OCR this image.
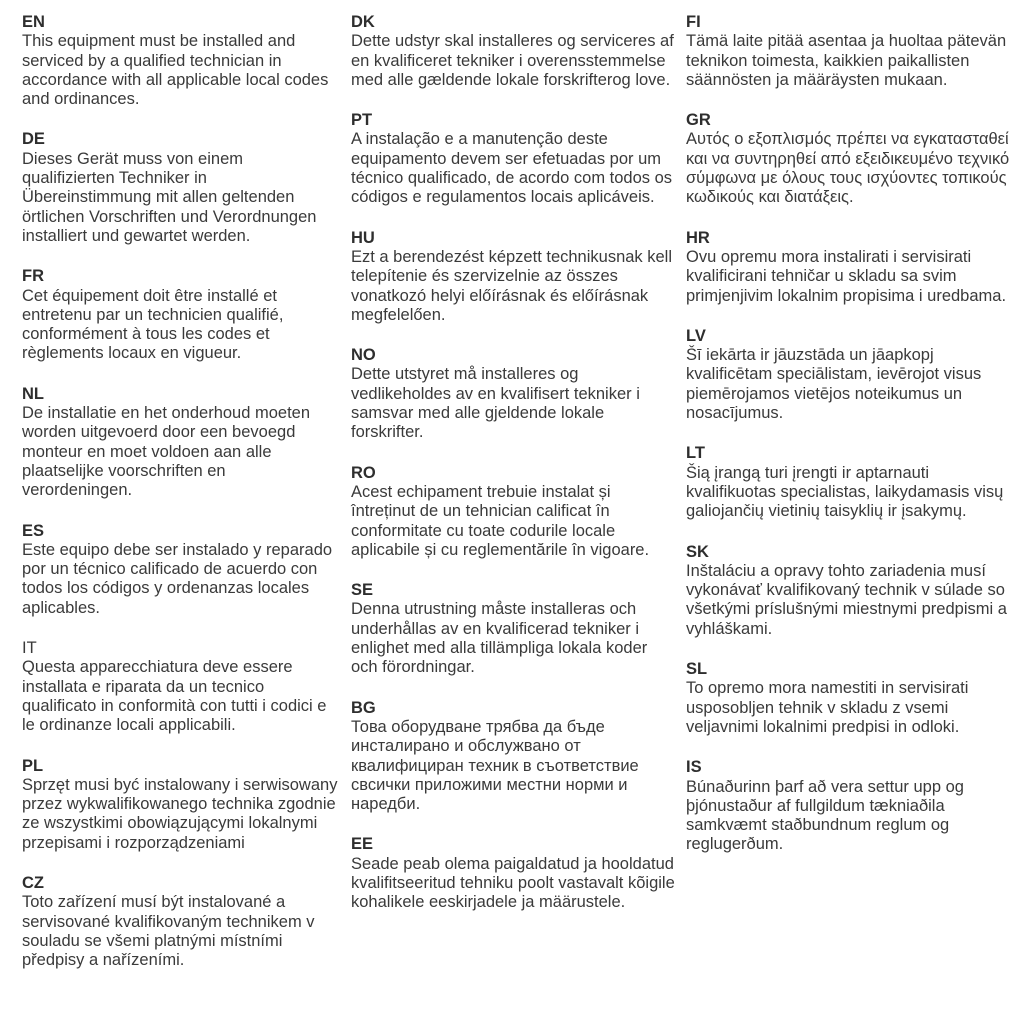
EN

This equipment must be installed and serviced by a qualified technician in accordance with all applicable local codes and ordinances.

DE

Dieses Gerät muss von einem qualifizierten Techniker in Übereinstimmung mit allen geltenden örtlichen Vorschriften und Verordnungen installiert und gewartet werden.

FR

Cet équipement doit être installé et entretenu par un technicien qualifié, conformément à tous les codes et règlements locaux en vigueur.

NL

De installatie en het onderhoud moeten worden uitgevoerd door een bevoegd monteur en moet voldoen aan alle plaatselijke voorschriften en verordeningen.

ES

Este equipo debe ser instalado y reparado por un técnico calificado de acuerdo con todos los códigos y ordenanzas locales aplicables.

IT

Questa apparecchiatura deve essere installata e riparata da un tecnico qualificato in conformità con tutti i codici e le ordinanze locali applicabili.

PL

Sprzęt musi być instalowany i serwisowany przez wykwalifikowanego technika zgodnie ze wszystkimi obowiązującymi lokalnymi przepisami i rozporządzeniami

CZ

Toto zařízení musí být instalované a servisované kvalifikovaným technikem v souladu se všemi platnými místními předpisy a nařízeními.

DK

Dette udstyr skal installeres og serviceres af en kvalificeret tekniker i overensstemmelse med alle gældende lokale forskrifterog love.

PT

A instalação e a manutenção deste equipamento devem ser efetuadas por um técnico qualificado, de acordo com todos os códigos e regulamentos locais aplicáveis.

HU

Ezt a berendezést képzett technikusnak kell telepítenie és szervizelnie az összes vonatkozó helyi előírásnak és előírásnak megfelelően.

NO

Dette utstyret må installeres og vedlikeholdes av en kvalifisert tekniker i samsvar med alle gjeldende lokale forskrifter.

RO

Acest echipament trebuie instalat și întreținut de un tehnician calificat în conformitate cu toate codurile locale aplicabile și cu reglementările în vigoare.

SE

Denna utrustning måste installeras och underhållas av en kvalificerad tekniker i enlighet med alla tillämpliga lokala koder och förordningar.

BG

Това оборудване трябва да бъде инсталирано и обслужвано от квалифициран техник в съответствие свсички приложими местни норми и наредби.

EE

Seade peab olema paigaldatud ja hooldatud kvalifitseeritud tehniku poolt vastavalt kõigile kohalikele eeskirjadele ja määrustele.

FI

Tämä laite pitää asentaa ja huoltaa pätevän teknikon toimesta, kaikkien paikallisten säännösten ja määräysten mukaan.

GR

Αυτός ο εξοπλισμός πρέπει να εγκατασταθεί και να συντηρηθεί από εξειδικευμένο τεχνικό σύμφωνα με όλους τους ισχύοντες τοπικούς κωδικούς και διατάξεις.

HR

Ovu opremu mora instalirati i servisirati kvalificirani tehničar u skladu sa svim primjenjivim lokalnim propisima i uredbama.

LV

Šī iekārta ir jāuzstāda un jāapkopj kvalificētam speciālistam, ievērojot visus piemērojamos vietējos noteikumus un nosacījumus.

LT

Šią įrangą turi įrengti ir aptarnauti kvalifikuotas specialistas, laikydamasis visų galiojančių vietinių taisyklių ir įsakymų.

SK

Inštaláciu a opravy tohto zariadenia musí vykonávať kvalifikovaný technik v súlade so všetkými príslušnými miestnymi predpismi a vyhláškami.

SL

To opremo mora namestiti in servisirati usposobljen tehnik v skladu z vsemi veljavnimi lokalnimi predpisi in odloki.

IS

Búnaðurinn þarf að vera settur upp og þjónustaður af fullgildum tækniaðila samkvæmt staðbundnum reglum og reglugerðum.
